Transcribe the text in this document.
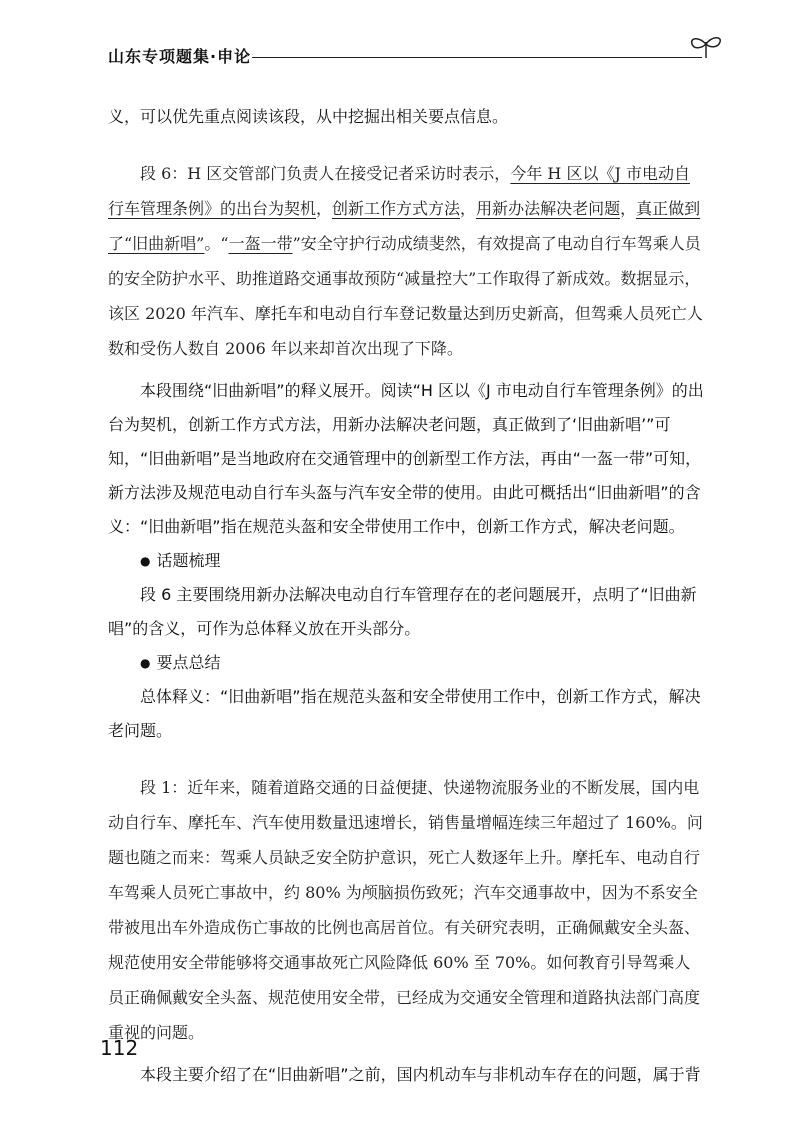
山东专项题集·申论

义，可以优先重点阅读该段，从中挖掘出相关要点信息。

段 6：H 区交管部门负责人在接受记者采访时表示，今年 H 区以《J 市电动自行车管理条例》的出台为契机，创新工作方式方法，用新办法解决老问题，真正做到了“旧曲新唱”。“一盔一带”安全守护行动成绩斐然，有效提高了电动自行车驾乘人员的安全防护水平、助推道路交通事故预防“减量控大”工作取得了新成效。数据显示，该区 2020 年汽车、摩托车和电动自行车登记数量达到历史新高，但驾乘人员死亡人数和受伤人数自 2006 年以来却首次出现了下降。

本段围绕“旧曲新唱”的释义展开。阅读“H 区以《J 市电动自行车管理条例》的出台为契机，创新工作方式方法，用新办法解决老问题，真正做到了‘旧曲新唱’”可知，“旧曲新唱”是当地政府在交通管理中的创新型工作方法，再由“一盔一带”可知，新方法涉及规范电动自行车头盔与汽车安全带的使用。由此可概括出“旧曲新唱”的含义：“旧曲新唱”指在规范头盔和安全带使用工作中，创新工作方式，解决老问题。

● 话题梳理

段 6 主要围绕用新办法解决电动自行车管理存在的老问题展开，点明了“旧曲新唱”的含义，可作为总体释义放在开头部分。

● 要点总结

总体释义：“旧曲新唱”指在规范头盔和安全带使用工作中，创新工作方式，解决老问题。

段 1：近年来，随着道路交通的日益便捷、快递物流服务业的不断发展，国内电动自行车、摩托车、汽车使用数量迅速增长，销售量增幅连续三年超过了 160%。问题也随之而来：驾乘人员缺乏安全防护意识，死亡人数逐年上升。摩托车、电动自行车驾乘人员死亡事故中，约 80% 为颅脑损伤致死；汽车交通事故中，因为不系安全带被甩出车外造成伤亡事故的比例也高居首位。有关研究表明，正确佩戴安全头盔、规范使用安全带能够将交通事故死亡风险降低 60% 至 70%。如何教育引导驾乘人员正确佩戴安全头盔、规范使用安全带，已经成为交通安全管理和道路执法部门高度重视的问题。

本段主要介绍了在“旧曲新唱”之前，国内机动车与非机动车存在的问题，属于背

112
